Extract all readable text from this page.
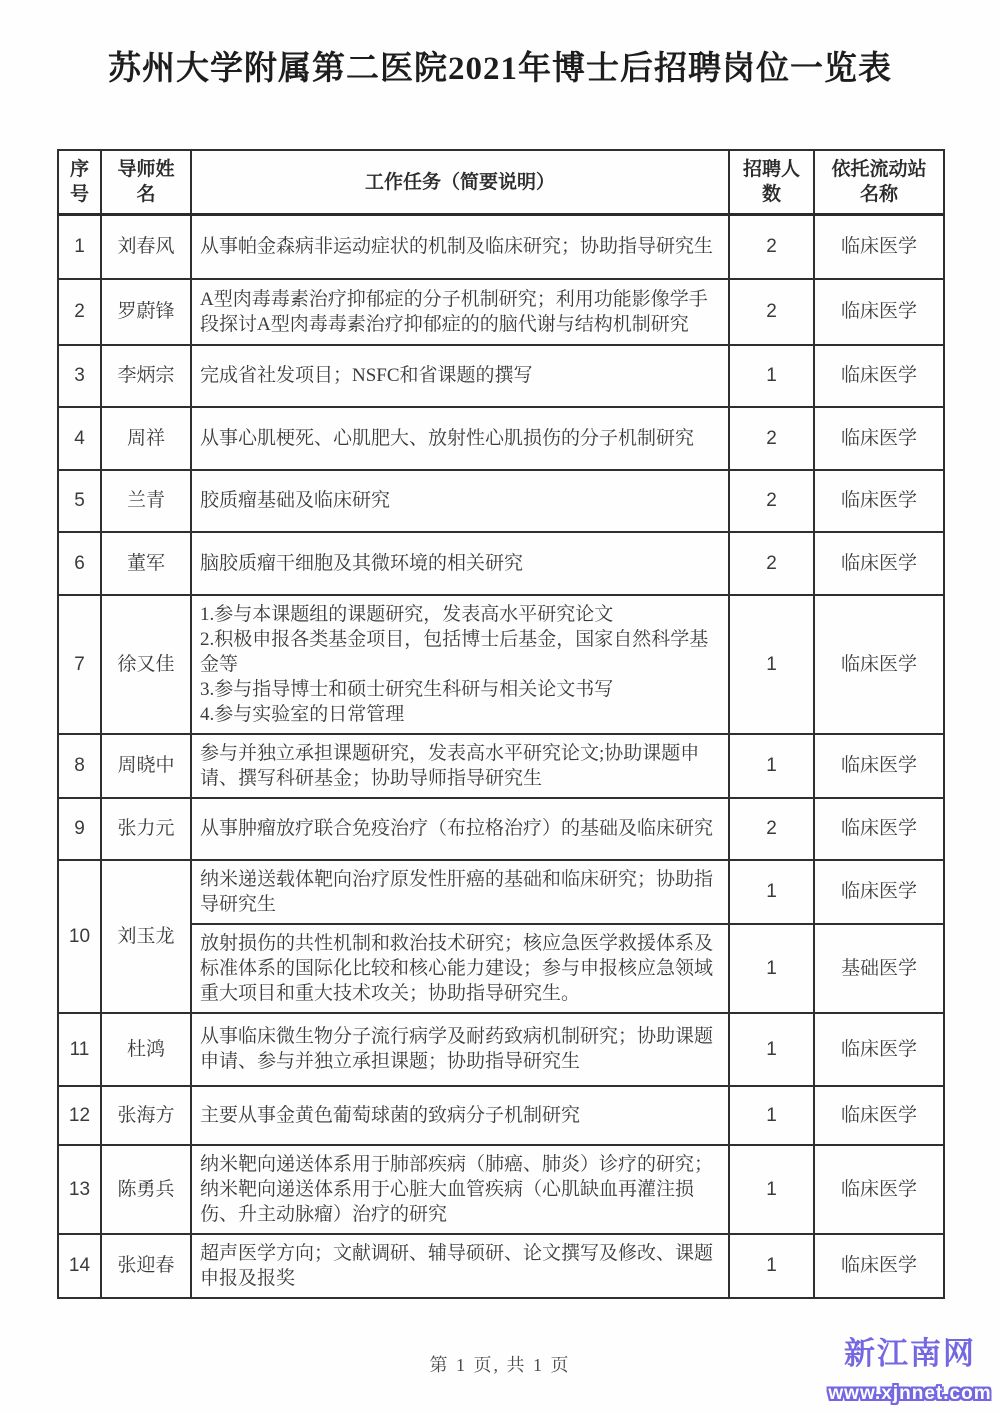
苏州大学附属第二医院2021年博士后招聘岗位一览表
序号	导师姓名	工作任务（简要说明）	招聘人数	依托流动站名称
1	刘春风	从事帕金森病非运动症状的机制及临床研究；协助指导研究生	2	临床医学
2	罗蔚锋	A型肉毒毒素治疗抑郁症的分子机制研究；利用功能影像学手段探讨A型肉毒毒素治疗抑郁症的的脑代谢与结构机制研究	2	临床医学
3	李炳宗	完成省社发项目；NSFC和省课题的撰写	1	临床医学
4	周祥	从事心肌梗死、心肌肥大、放射性心肌损伤的分子机制研究	2	临床医学
5	兰青	胶质瘤基础及临床研究	2	临床医学
6	董军	脑胶质瘤干细胞及其微环境的相关研究	2	临床医学
7	徐又佳	1.参与本课题组的课题研究，发表高水平研究论文
2.积极申报各类基金项目，包括博士后基金，国家自然科学基金等
3.参与指导博士和硕士研究生科研与相关论文书写
4.参与实验室的日常管理	1	临床医学
8	周晓中	参与并独立承担课题研究，发表高水平研究论文;协助课题申请、撰写科研基金；协助导师指导研究生	1	临床医学
9	张力元	从事肿瘤放疗联合免疫治疗（布拉格治疗）的基础及临床研究	2	临床医学
10	刘玉龙	纳米递送载体靶向治疗原发性肝癌的基础和临床研究；协助指导研究生	1	临床医学

		放射损伤的共性机制和救治技术研究；核应急医学救援体系及标准体系的国际化比较和核心能力建设；参与申报核应急领域重大项目和重大技术攻关；协助指导研究生。	1	基础医学
11	杜鸿	从事临床微生物分子流行病学及耐药致病机制研究；协助课题申请、参与并独立承担课题；协助指导研究生	1	临床医学
12	张海方	主要从事金黄色葡萄球菌的致病分子机制研究	1	临床医学
13	陈勇兵	纳米靶向递送体系用于肺部疾病（肺癌、肺炎）诊疗的研究；
纳米靶向递送体系用于心脏大血管疾病（心肌缺血再灌注损伤、升主动脉瘤）治疗的研究	1	临床医学
14	张迎春	超声医学方向；文献调研、辅导硕研、论文撰写及修改、课题申报及报奖	1	临床医学
第 1 页, 共 1 页	新江南网
www.xjnnet.com
